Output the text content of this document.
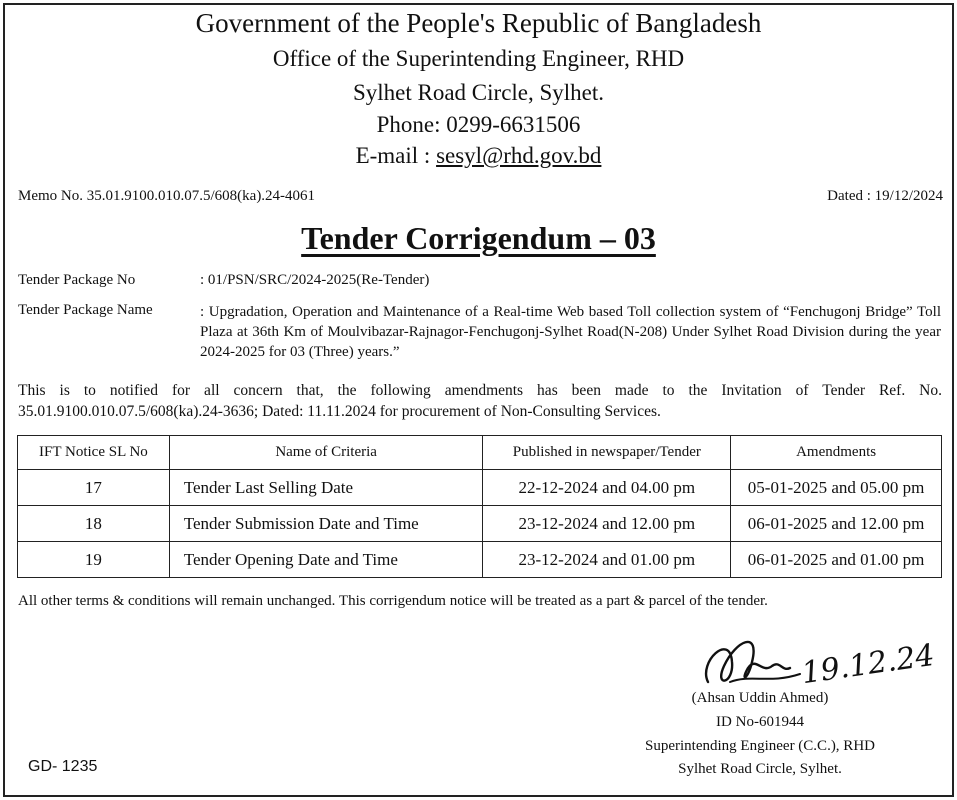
Government of the People's Republic of Bangladesh
Office of the Superintending Engineer, RHD
Sylhet Road Circle, Sylhet.
Phone: 0299-6631506
E-mail : sesyl@rhd.gov.bd
Memo No. 35.01.9100.010.07.5/608(ka).24-4061	Dated : 19/12/2024
Tender Corrigendum – 03
Tender Package No	: 01/PSN/SRC/2024-2025(Re-Tender)
Tender Package Name	: Upgradation, Operation and Maintenance of a Real-time Web based Toll collection system of “Fenchugonj Bridge” Toll Plaza at 36th Km of Moulvibazar-Rajnagor-Fenchugonj-Sylhet Road(N-208) Under Sylhet Road Division during the year 2024-2025 for 03 (Three) years.”
This is to notified for all concern that, the following amendments has been made to the Invitation of Tender Ref. No. 35.01.9100.010.07.5/608(ka).24-3636; Dated: 11.11.2024 for procurement of Non-Consulting Services.
IFT Notice SL No	Name of Criteria	Published in newspaper/Tender	Amendments
17	Tender Last Selling Date	22-12-2024 and 04.00 pm	05-01-2025 and 05.00 pm
18	Tender Submission Date and Time	23-12-2024 and 12.00 pm	06-01-2025 and 12.00 pm
19	Tender Opening Date and Time	23-12-2024 and 01.00 pm	06-01-2025 and 01.00 pm
All other terms & conditions will remain unchanged. This corrigendum notice will be treated as a part & parcel of the tender.
19.12.24
(Ahsan Uddin Ahmed)
ID No-601944
Superintending Engineer (C.C.), RHD
Sylhet Road Circle, Sylhet.
GD- 1235
